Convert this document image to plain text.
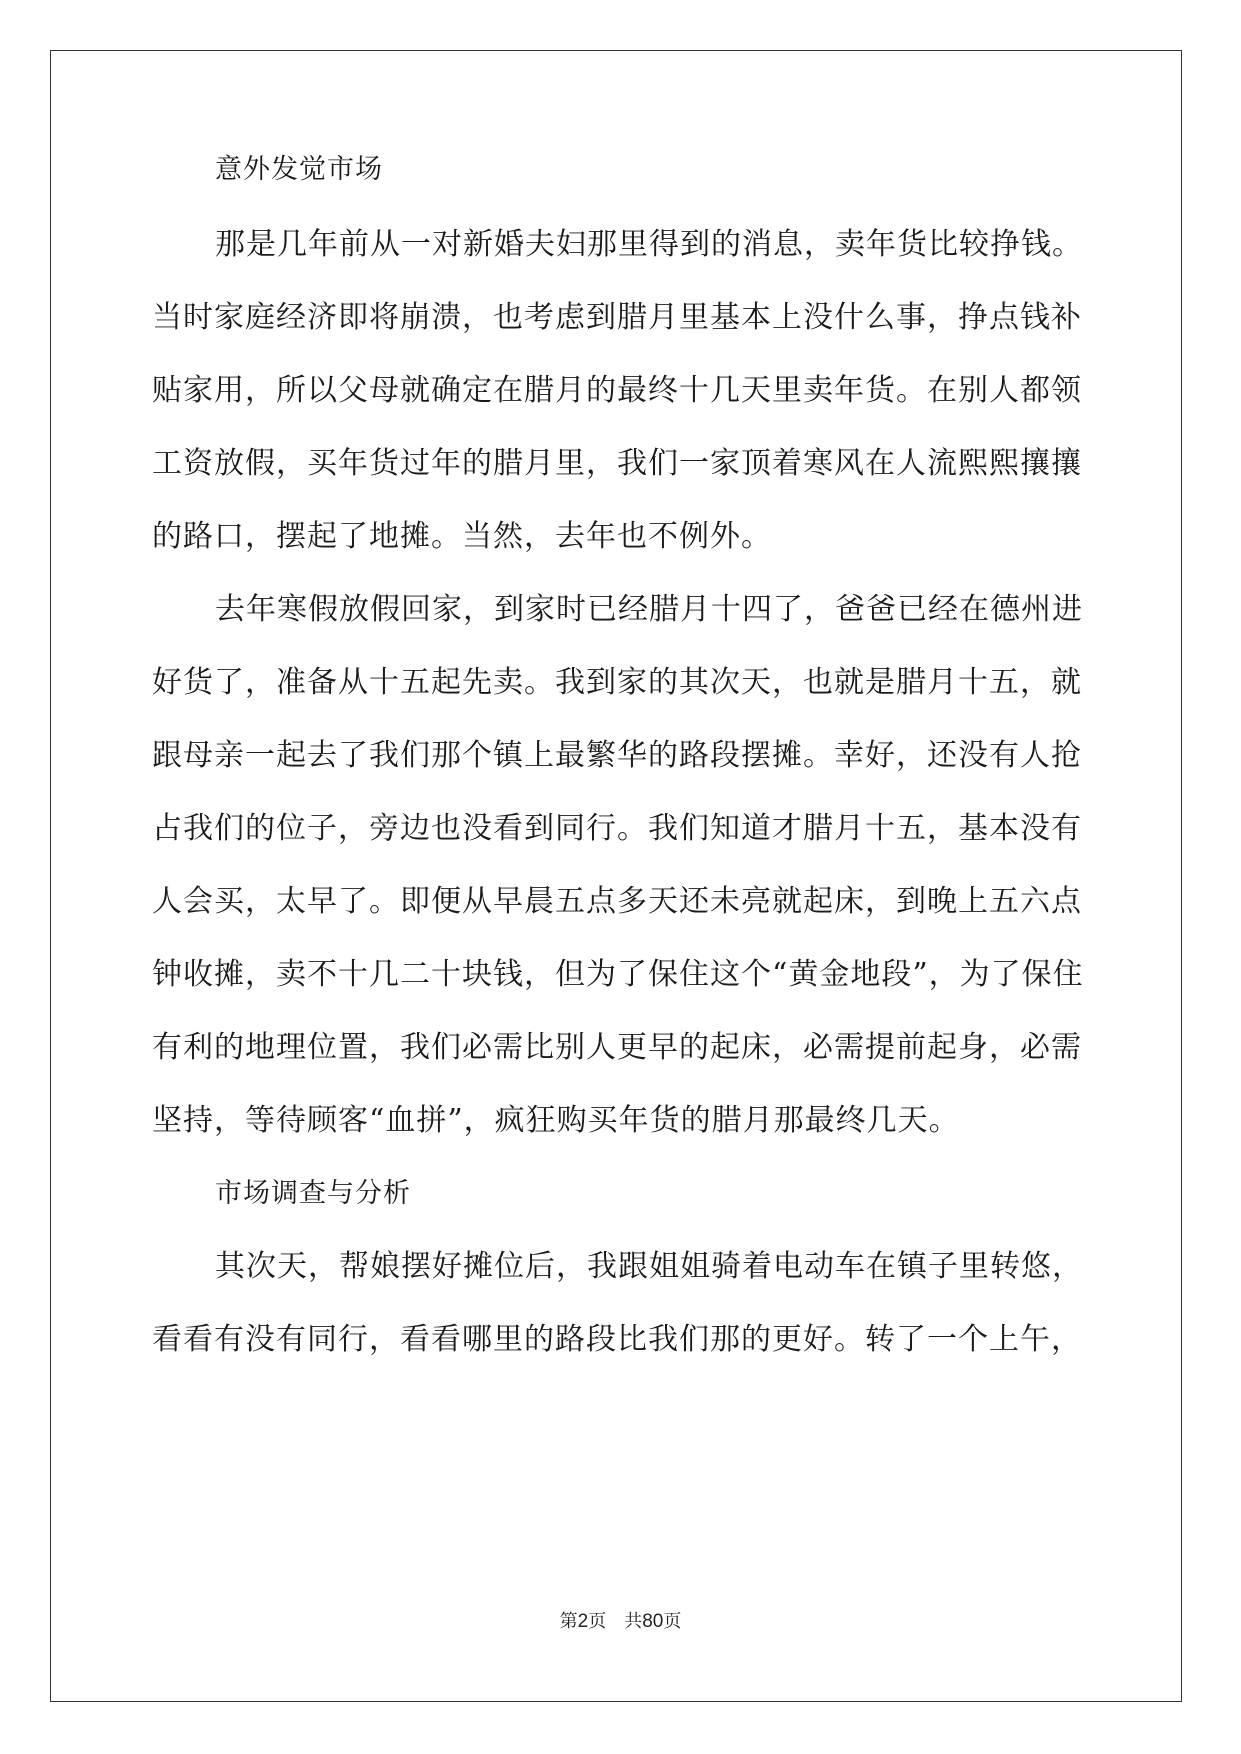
意外发觉市场
那是几年前从一对新婚夫妇那里得到的消息，卖年货比较挣钱。
当时家庭经济即将崩溃，也考虑到腊月里基本上没什么事，挣点钱补
贴家用，所以父母就确定在腊月的最终十几天里卖年货。在别人都领
工资放假，买年货过年的腊月里，我们一家顶着寒风在人流熙熙攘攘
的路口，摆起了地摊。当然，去年也不例外。
去年寒假放假回家，到家时已经腊月十四了，爸爸已经在德州进
好货了，准备从十五起先卖。我到家的其次天，也就是腊月十五，就
跟母亲一起去了我们那个镇上最繁华的路段摆摊。幸好，还没有人抢
占我们的位子，旁边也没看到同行。我们知道才腊月十五，基本没有
人会买，太早了。即便从早晨五点多天还未亮就起床，到晚上五六点
钟收摊，卖不十几二十块钱，但为了保住这个“黄金地段”，为了保住
有利的地理位置，我们必需比别人更早的起床，必需提前起身，必需
坚持，等待顾客“血拼”，疯狂购买年货的腊月那最终几天。
市场调查与分析
其次天，帮娘摆好摊位后，我跟姐姐骑着电动车在镇子里转悠，
看看有没有同行，看看哪里的路段比我们那的更好。转了一个上午，
第2页 共80页
